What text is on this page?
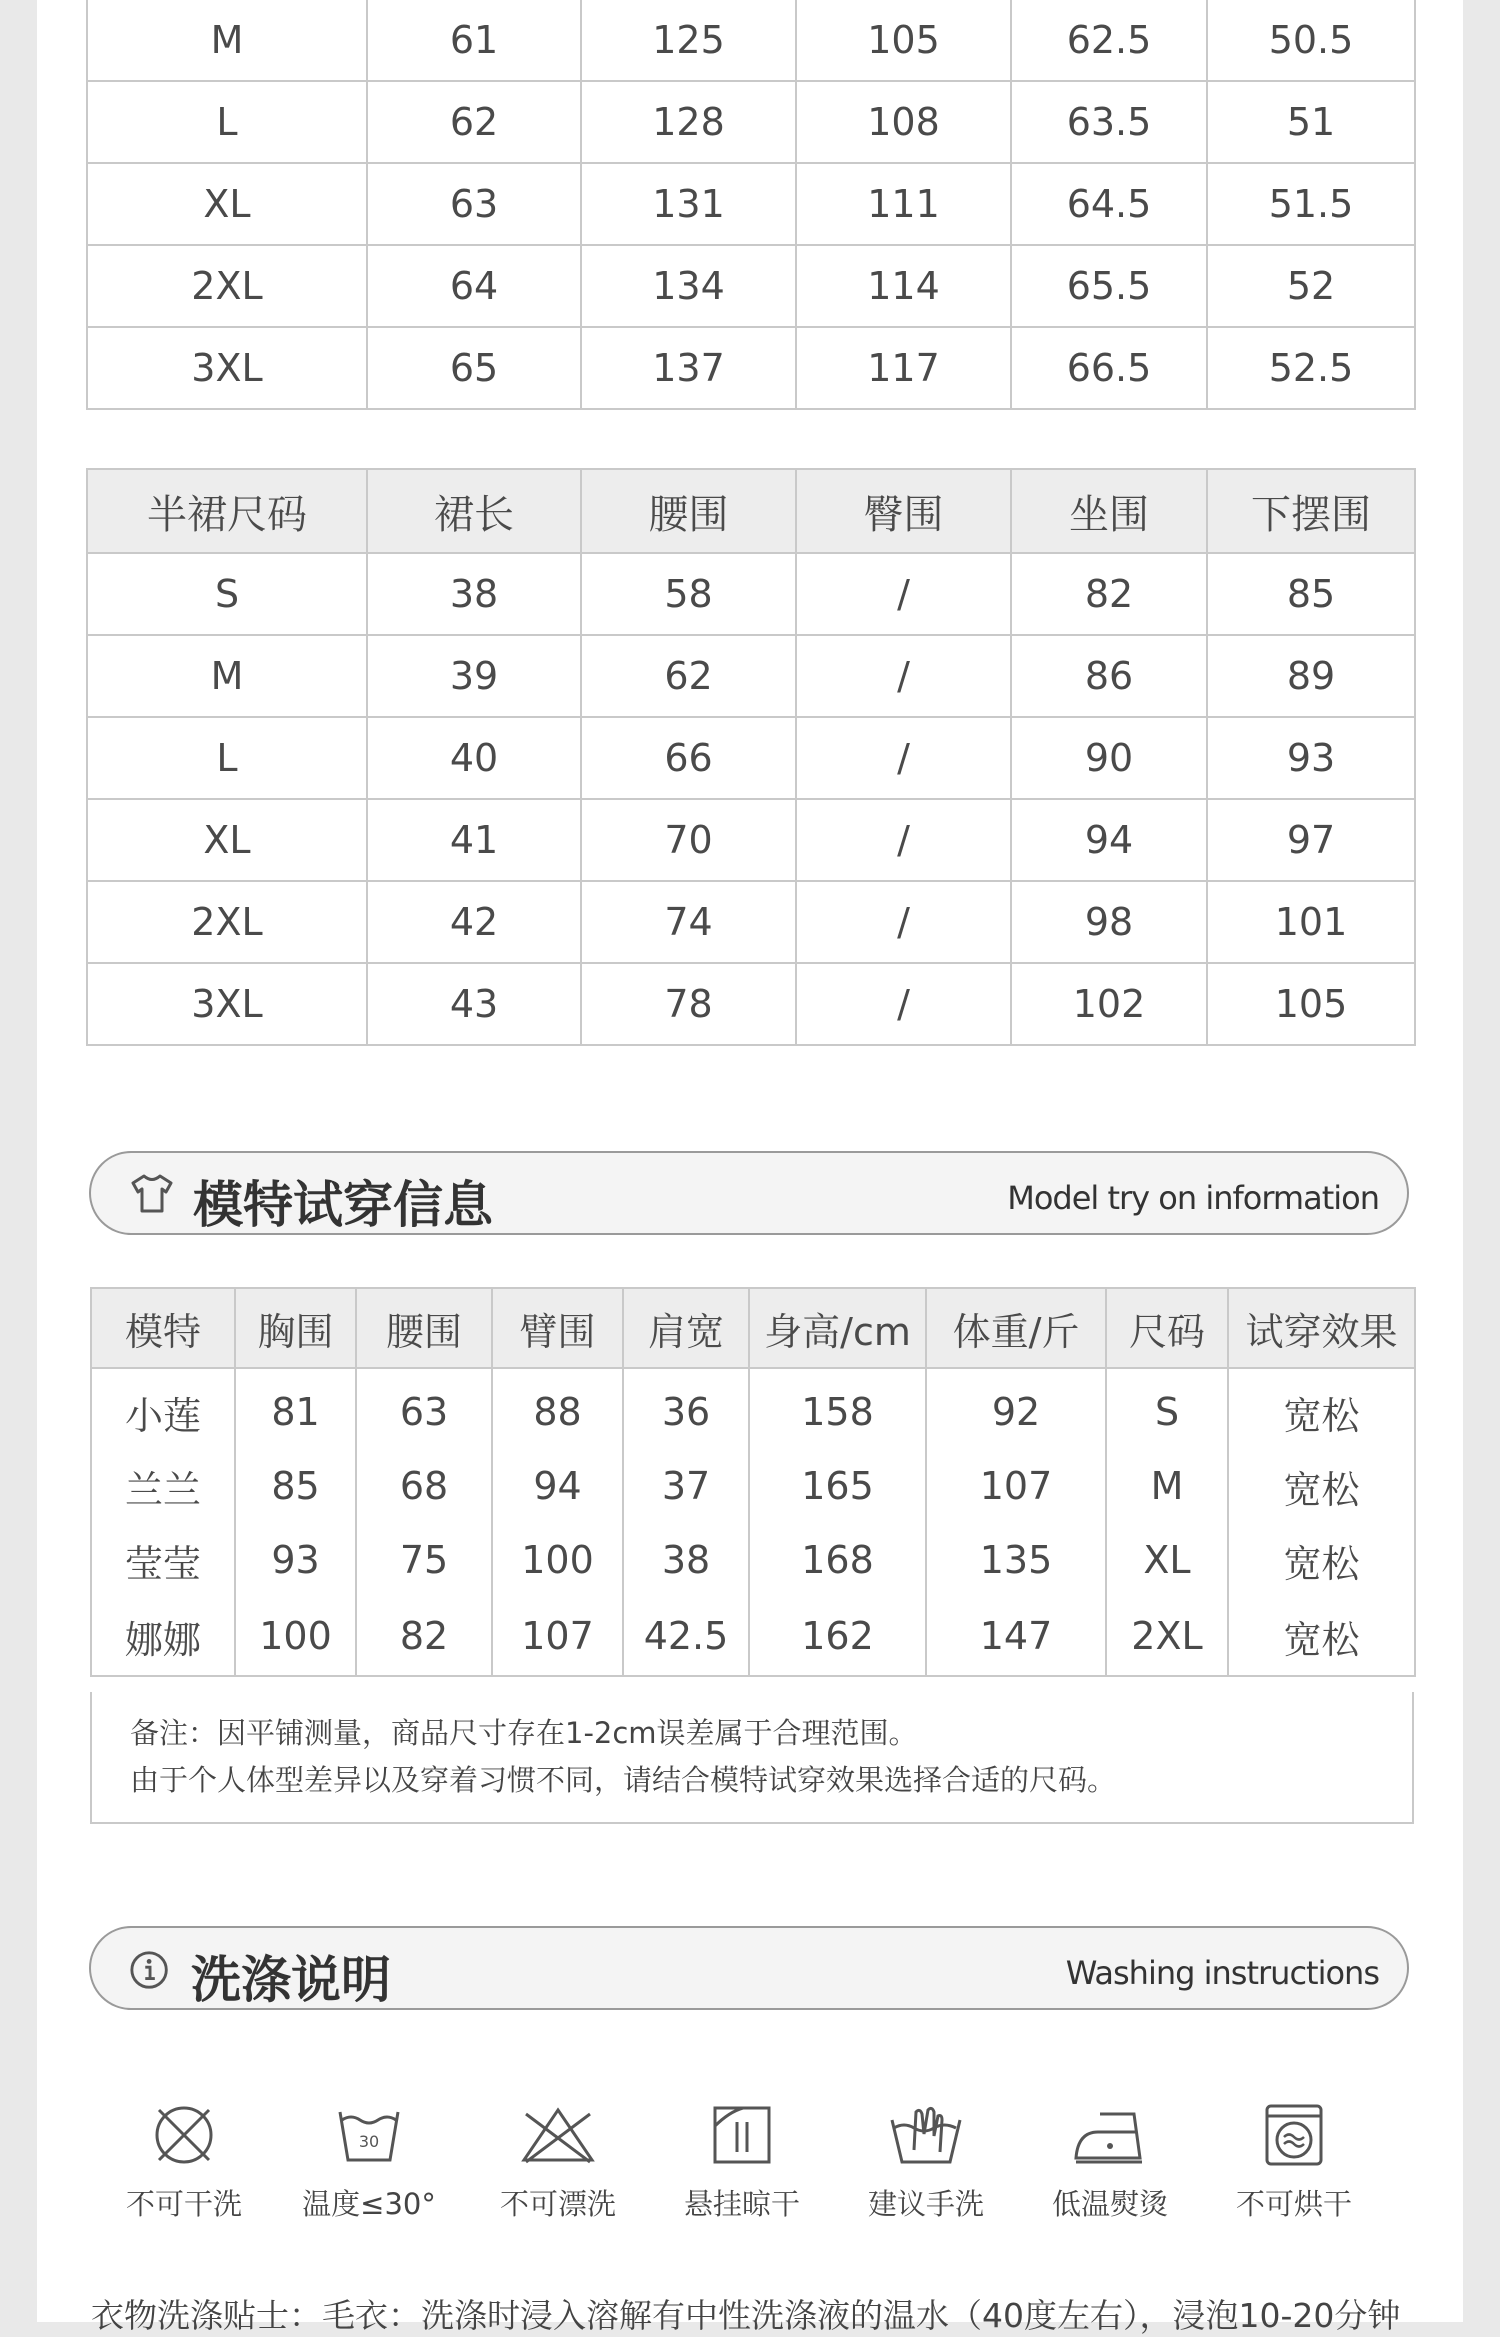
M	61	125	105	62.5	50.5
L	62	128	108	63.5	51
XL	63	131	111	64.5	51.5
2XL	64	134	114	65.5	52
3XL	65	137	117	66.5	52.5
半裙尺码	裙长	腰围	臀围	坐围	下摆围
S	38	58	/	82	85
M	39	62	/	86	89
L	40	66	/	90	93
XL	41	70	/	94	97
2XL	42	74	/	98	101
3XL	43	78	/	102	105
模特试穿信息	Model try on information
模特	胸围	腰围	臂围	肩宽	身高/cm	体重/斤	尺码	试穿效果
小莲	81	63	88	36	158	92	S	宽松
兰兰	85	68	94	37	165	107	M	宽松
莹莹	93	75	100	38	168	135	XL	宽松
娜娜	100	82	107	42.5	162	147	2XL	宽松
备注：因平铺测量，商品尺寸存在1-2cm误差属于合理范围。
由于个人体型差异以及穿着习惯不同，请结合模特试穿效果选择合适的尺码。
洗涤说明	Washing instructions
不可干洗
30
温度≤30°	不可漂洗	悬挂晾干	建议手洗	低温熨烫	不可烘干
衣物洗涤贴士：毛衣：洗涤时浸入溶解有中性洗涤液的温水（40度左右），浸泡10-20分钟
